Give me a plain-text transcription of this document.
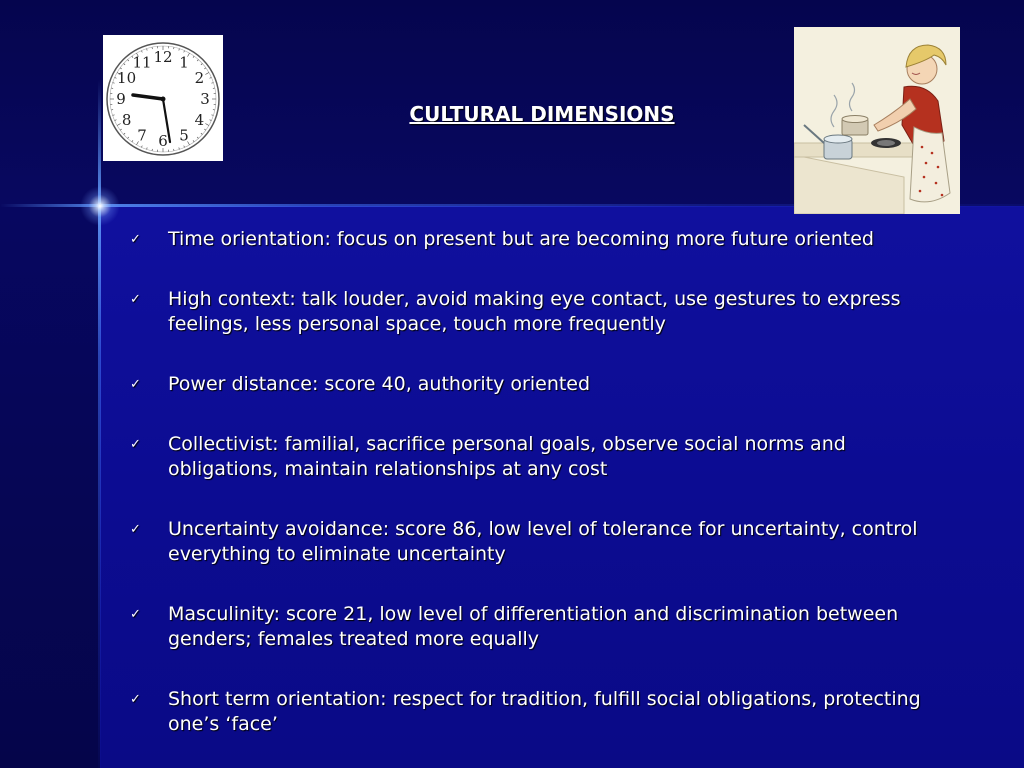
12 1
2
3
4
5
6
7
8
9
10
11
CULTURAL DIMENSIONS
✓ Time orientation: focus on present but are becoming more future oriented
✓ High context: talk louder, avoid making eye contact, use gestures to express feelings, less personal space, touch more frequently
✓ Power distance: score 40, authority oriented
✓ Collectivist: familial, sacrifice personal goals, observe social norms and obligations, maintain relationships at any cost
✓ Uncertainty avoidance: score 86, low level of tolerance for uncertainty, control everything to eliminate uncertainty
✓ Masculinity: score 21, low level of differentiation and discrimination between genders; females treated more equally
✓ Short term orientation: respect for tradition, fulfill social obligations, protecting one’s ‘face’
